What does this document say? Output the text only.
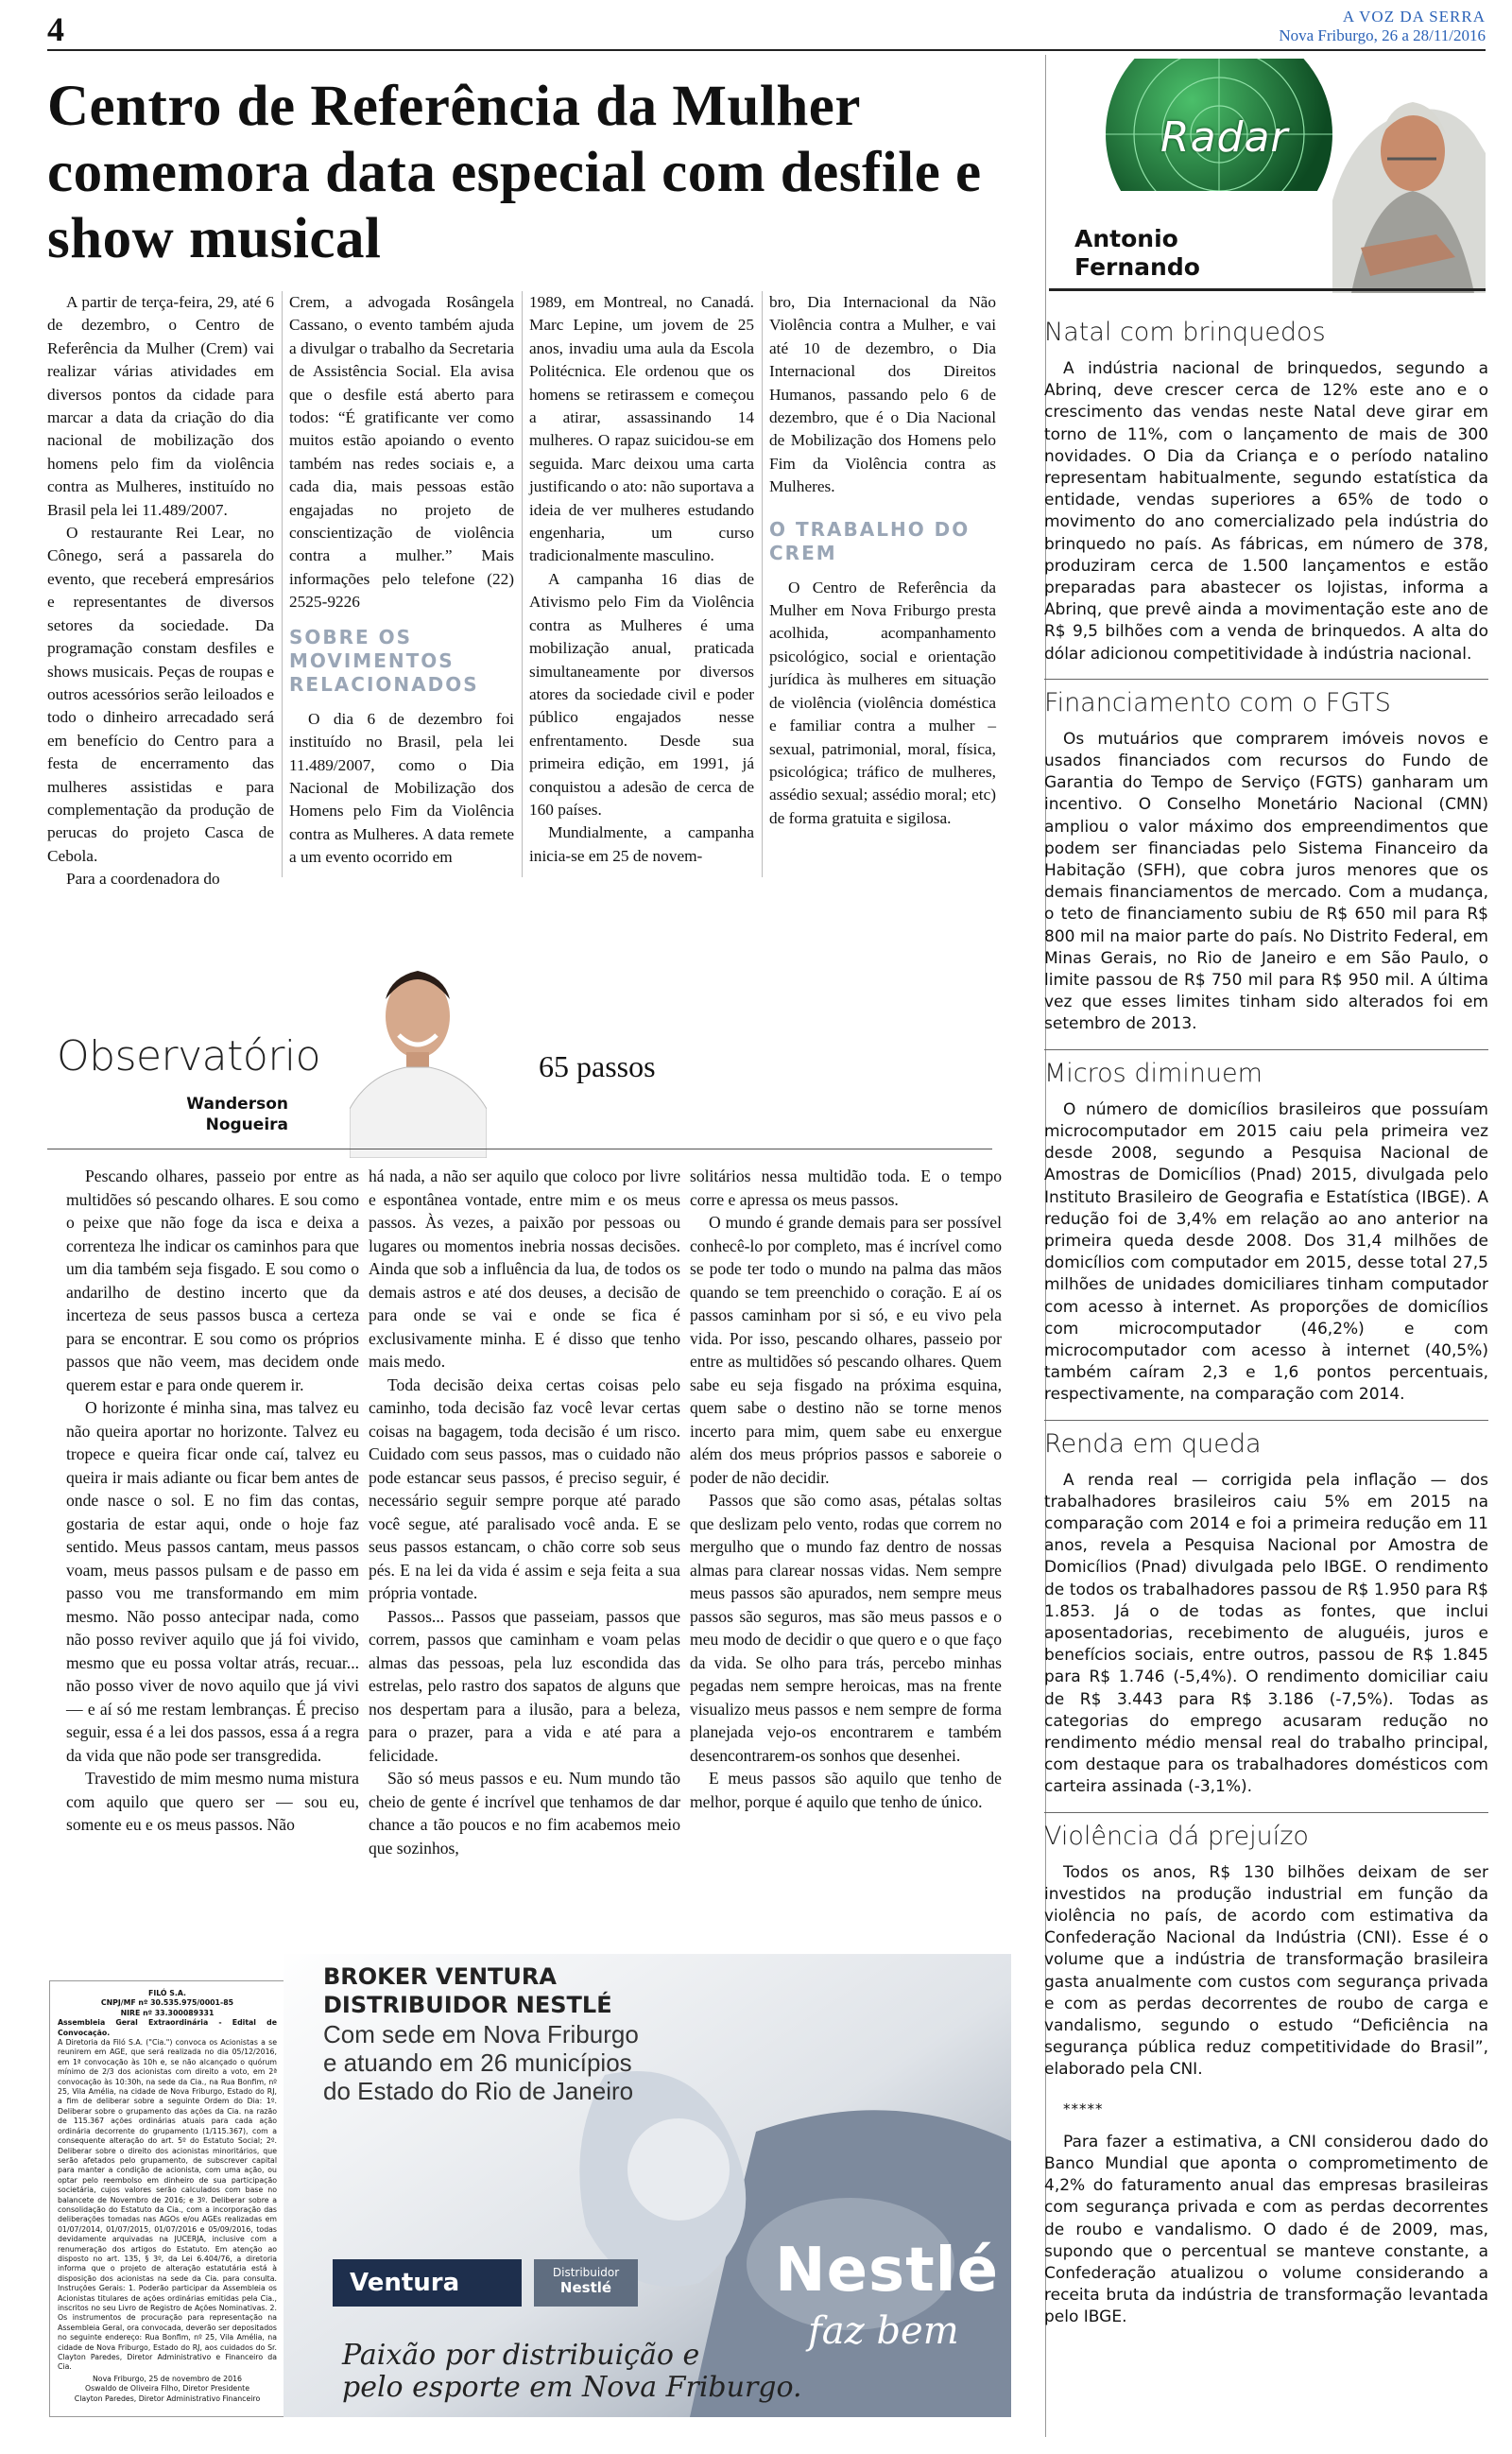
4	A VOZ DA SERRA
Nova Friburgo, 26 a 28/11/2016
Centro de Referência da Mulher comemora data especial com desfile e show musical

A partir de terça-feira, 29, até 6 de dezembro, o Centro de Referência da Mulher (Crem) vai realizar várias atividades em diversos pontos da cidade para marcar a data da criação do dia nacional de mobilização dos homens pelo fim da violência contra as Mulheres, instituído no Brasil pela lei 11.489/2007.

O restaurante Rei Lear, no Cônego, será a passarela do evento, que receberá empresários e representantes de diversos setores da sociedade. Da programação constam desfiles e shows musicais. Peças de roupas e outros acessórios serão leiloados e todo o dinheiro arrecadado será em benefício do Centro para a festa de encerramento das mulheres assistidas e para complementação da produção de perucas do projeto Casca de Cebola.

Para a coordenadora do

Crem, a advogada Rosângela Cassano, o evento também ajuda a divulgar o trabalho da Secretaria de Assistência Social. Ela avisa que o desfile está aberto para todos: “É gratificante ver como muitos estão apoiando o evento também nas redes sociais e, a cada dia, mais pessoas estão engajadas no projeto de conscientização de violência contra a mulher.” Mais informações pelo telefone (22) 2525-9226

SOBRE OS MOVIMENTOS RELACIONADOS

O dia 6 de dezembro foi instituído no Brasil, pela lei 11.489/2007, como o Dia Nacional de Mobilização dos Homens pelo Fim da Violência contra as Mulheres. A data remete a um evento ocorrido em

1989, em Montreal, no Canadá. Marc Lepine, um jovem de 25 anos, invadiu uma aula da Escola Politécnica. Ele ordenou que os homens se retirassem e começou a atirar, assassinando 14 mulheres. O rapaz suicidou-se em seguida. Marc deixou uma carta justificando o ato: não suportava a ideia de ver mulheres estudando engenharia, um curso tradicionalmente masculino.

A campanha 16 dias de Ativismo pelo Fim da Violência contra as Mulheres é uma mobilização anual, praticada simultaneamente por diversos atores da sociedade civil e poder público engajados nesse enfrentamento. Desde sua primeira edição, em 1991, já conquistou a adesão de cerca de 160 países.

Mundialmente, a campanha inicia-se em 25 de novem-

bro, Dia Internacional da Não Violência contra a Mulher, e vai até 10 de dezembro, o Dia Internacional dos Direitos Humanos, passando pelo 6 de dezembro, que é o Dia Nacional de Mobilização dos Homens pelo Fim da Violência contra as Mulheres.

O TRABALHO DO CREM

O Centro de Referência da Mulher em Nova Friburgo presta acolhida, acompanhamento psicológico, social e orientação jurídica às mulheres em situação de violência (violência doméstica e familiar contra a mulher – sexual, patrimonial, moral, física, psicológica; tráfico de mulheres, assédio sexual; assédio moral; etc) de forma gratuita e sigilosa.

Observatório
Wanderson
Nogueira
65 passos

Pescando olhares, passeio por entre as multidões só pescando olhares. E sou como o peixe que não foge da isca e deixa a correnteza lhe indicar os caminhos para que um dia também seja fisgado. E sou como o andarilho de destino incerto que da incerteza de seus passos busca a certeza para se encontrar. E sou como os próprios passos que não veem, mas decidem onde querem estar e para onde querem ir.

O horizonte é minha sina, mas talvez eu não queira aportar no horizonte. Talvez eu tropece e queira ficar onde caí, talvez eu queira ir mais adiante ou ficar bem antes de onde nasce o sol. E no fim das contas, gostaria de estar aqui, onde o hoje faz sentido. Meus passos cantam, meus passos voam, meus passos pulsam e de passo em passo vou me transformando em mim mesmo. Não posso antecipar nada, como não posso reviver aquilo que já foi vivido, mesmo que eu possa voltar atrás, recuar... não posso viver de novo aquilo que já vivi — e aí só me restam lembranças. É preciso seguir, essa é a lei dos passos, essa á a regra da vida que não pode ser transgredida.

Travestido de mim mesmo numa mistura com aquilo que quero ser — sou eu, somente eu e os meus passos. Não

há nada, a não ser aquilo que coloco por livre e espontânea vontade, entre mim e os meus passos. Às vezes, a paixão por pessoas ou lugares ou momentos inebria nossas decisões. Ainda que sob a influência da lua, de todos os demais astros e até dos deuses, a decisão de para onde se vai e onde se fica é exclusivamente minha. E é disso que tenho mais medo.

Toda decisão deixa certas coisas pelo caminho, toda decisão faz você levar certas coisas na bagagem, toda decisão é um risco. Cuidado com seus passos, mas o cuidado não pode estancar seus passos, é preciso seguir, é necessário seguir sempre porque até parado você segue, até paralisado você anda. E se seus passos estancam, o chão corre sob seus pés. E na lei da vida é assim e seja feita a sua própria vontade.

Passos... Passos que passeiam, passos que correm, passos que caminham e voam pelas almas das pessoas, pela luz escondida das estrelas, pelo rastro dos sapatos de alguns que nos despertam para a ilusão, para a beleza, para o prazer, para a vida e até para a felicidade.

São só meus passos e eu. Num mundo tão cheio de gente é incrível que tenhamos de dar chance a tão poucos e no fim acabemos meio que sozinhos,

solitários nessa multidão toda. E o tempo corre e apressa os meus passos.

O mundo é grande demais para ser possível conhecê-lo por completo, mas é incrível como se pode ter todo o mundo na palma das mãos quando se tem preenchido o coração. E aí os passos caminham por si só, e eu vivo pela vida. Por isso, pescando olhares, passeio por entre as multidões só pescando olhares. Quem sabe eu seja fisgado na próxima esquina, quem sabe o destino não se torne menos incerto para mim, quem sabe eu enxergue além dos meus próprios passos e saboreie o poder de não decidir.

Passos que são como asas, pétalas soltas que deslizam pelo vento, rodas que correm no mergulho que o mundo faz dentro de nossas almas para clarear nossas vidas. Nem sempre meus passos são apurados, nem sempre meus passos são seguros, mas são meus passos e o meu modo de decidir o que quero e o que faço da vida. Se olho para trás, percebo minhas pegadas nem sempre heroicas, mas na frente visualizo meus passos e nem sempre de forma planejada vejo-os encontrarem e também desencontrarem-os sonhos que desenhei.

E meus passos são aquilo que tenho de melhor, porque é aquilo que tenho de único.

FILÓ S.A.
CNPJ/MF nº 30.535.975/0001-85
NIRE nº 33.300089331
Assembleia Geral Extraordinária - Edital de Convocação.
A Diretoria da Filó S.A. ("Cia.") convoca os Acionistas a se reunirem em AGE, que será realizada no dia 05/12/2016, em 1ª convocação às 10h e, se não alcançado o quórum mínimo de 2/3 dos acionistas com direito a voto, em 2ª convocação às 10:30h, na sede da Cia., na Rua Bonfim, nº 25, Vila Amélia, na cidade de Nova Friburgo, Estado do RJ, a fim de deliberar sobre a seguinte Ordem do Dia: 1º. Deliberar sobre o grupamento das ações da Cia. na razão de 115.367 ações ordinárias atuais para cada ação ordinária decorrente do grupamento (1/115.367), com a consequente alteração do art. 5º do Estatuto Social; 2º. Deliberar sobre o direito dos acionistas minoritários, que serão afetados pelo grupamento, de subscrever capital para manter a condição de acionista, com uma ação, ou optar pelo reembolso em dinheiro de sua participação societária, cujos valores serão calculados com base no balancete de Novembro de 2016; e 3º. Deliberar sobre a consolidação do Estatuto da Cia., com a incorporação das deliberações tomadas nas AGOs e/ou AGEs realizadas em 01/07/2014, 01/07/2015, 01/07/2016 e 05/09/2016, todas devidamente arquivadas na JUCERJA, inclusive com a renumeração dos artigos do Estatuto. Em atenção ao disposto no art. 135, § 3º, da Lei 6.404/76, a diretoria informa que o projeto de alteração estatutária está à disposição dos acionistas na sede da Cia. para consulta. Instruções Gerais: 1. Poderão participar da Assembleia os Acionistas titulares de ações ordinárias emitidas pela Cia., inscritos no seu Livro de Registro de Ações Nominativas. 2. Os instrumentos de procuração para representação na Assembleia Geral, ora convocada, deverão ser depositados no seguinte endereço: Rua Bonfim, nº 25, Vila Amélia, na cidade de Nova Friburgo, Estado do RJ, aos cuidados do Sr. Clayton Paredes, Diretor Administrativo e Financeiro da Cia.
Nova Friburgo, 25 de novembro de 2016
Oswaldo de Oliveira Filho, Diretor Presidente
Clayton Paredes, Diretor Administrativo Financeiro
BROKER VENTURA
DISTRIBUIDOR NESTLÉ
Com sede em Nova Friburgo
e atuando em 26 municípios
do Estado do Rio de Janeiro
Ventura	Distribuidor
Nestlé	Nestlé
faz bem
Paixão por distribuição e
pelo esporte em Nova Friburgo.
Radar
Antonio
Fernando
Natal com brinquedos

A indústria nacional de brinquedos, segundo a Abrinq, deve crescer cerca de 12% este ano e o crescimento das vendas neste Natal deve girar em torno de 11%, com o lançamento de mais de 300 novidades. O Dia da Criança e o período natalino representam habitualmente, segundo estatística da entidade, vendas superiores a 65% de todo o movimento do ano comercializado pela indústria do brinquedo no país. As fábricas, em número de 378, produziram cerca de 1.500 lançamentos e estão preparadas para abastecer os lojistas, informa a Abrinq, que prevê ainda a movimentação este ano de R$ 9,5 bilhões com a venda de brinquedos. A alta do dólar adicionou competitividade à indústria nacional.

Financiamento com o FGTS

Os mutuários que comprarem imóveis novos e usados financiados com recursos do Fundo de Garantia do Tempo de Serviço (FGTS) ganharam um incentivo. O Conselho Monetário Nacional (CMN) ampliou o valor máximo dos empreendimentos que podem ser financiadas pelo Sistema Financeiro da Habitação (SFH), que cobra juros menores que os demais financiamentos de mercado. Com a mudança, o teto de financiamento subiu de R$ 650 mil para R$ 800 mil na maior parte do país. No Distrito Federal, em Minas Gerais, no Rio de Janeiro e em São Paulo, o limite passou de R$ 750 mil para R$ 950 mil. A última vez que esses limites tinham sido alterados foi em setembro de 2013.

Micros diminuem

O número de domicílios brasileiros que possuíam microcomputador em 2015 caiu pela primeira vez desde 2008, segundo a Pesquisa Nacional de Amostras de Domicílios (Pnad) 2015, divulgada pelo Instituto Brasileiro de Geografia e Estatística (IBGE). A redução foi de 3,4% em relação ao ano anterior na primeira queda desde 2008. Dos 31,4 milhões de domicílios com computador em 2015, desse total 27,5 milhões de unidades domiciliares tinham computador com acesso à internet. As proporções de domicílios com microcomputador (46,2%) e com microcomputador com acesso à internet (40,5%) também caíram 2,3 e 1,6 pontos percentuais, respectivamente, na comparação com 2014.

Renda em queda

A renda real — corrigida pela inflação — dos trabalhadores brasileiros caiu 5% em 2015 na comparação com 2014 e foi a primeira redução em 11 anos, revela a Pesquisa Nacional por Amostra de Domicílios (Pnad) divulgada pelo IBGE. O rendimento de todos os trabalhadores passou de R$ 1.950 para R$ 1.853. Já o de todas as fontes, que inclui aposentadorias, recebimento de aluguéis, juros e benefícios sociais, entre outros, passou de R$ 1.845 para R$ 1.746 (-5,4%). O rendimento domiciliar caiu de R$ 3.443 para R$ 3.186 (-7,5%). Todas as categorias do emprego acusaram redução no rendimento médio mensal real do trabalho principal, com destaque para os trabalhadores domésticos com carteira assinada (-3,1%).

Violência dá prejuízo

Todos os anos, R$ 130 bilhões deixam de ser investidos na produção industrial em função da violência no país, de acordo com estimativa da Confederação Nacional da Indústria (CNI). Esse é o volume que a indústria de transformação brasileira gasta anualmente com custos com segurança privada e com as perdas decorrentes de roubo de carga e vandalismo, segundo o estudo “Deficiência na segurança pública reduz competitividade do Brasil”, elaborado pela CNI.

*****

Para fazer a estimativa, a CNI considerou dado do Banco Mundial que aponta o comprometimento de 4,2% do faturamento anual das empresas brasileiras com segurança privada e com as perdas decorrentes de roubo e vandalismo. O dado é de 2009, mas, supondo que o percentual se manteve constante, a Confederação atualizou o volume considerando a receita bruta da indústria de transformação levantada pelo IBGE.
